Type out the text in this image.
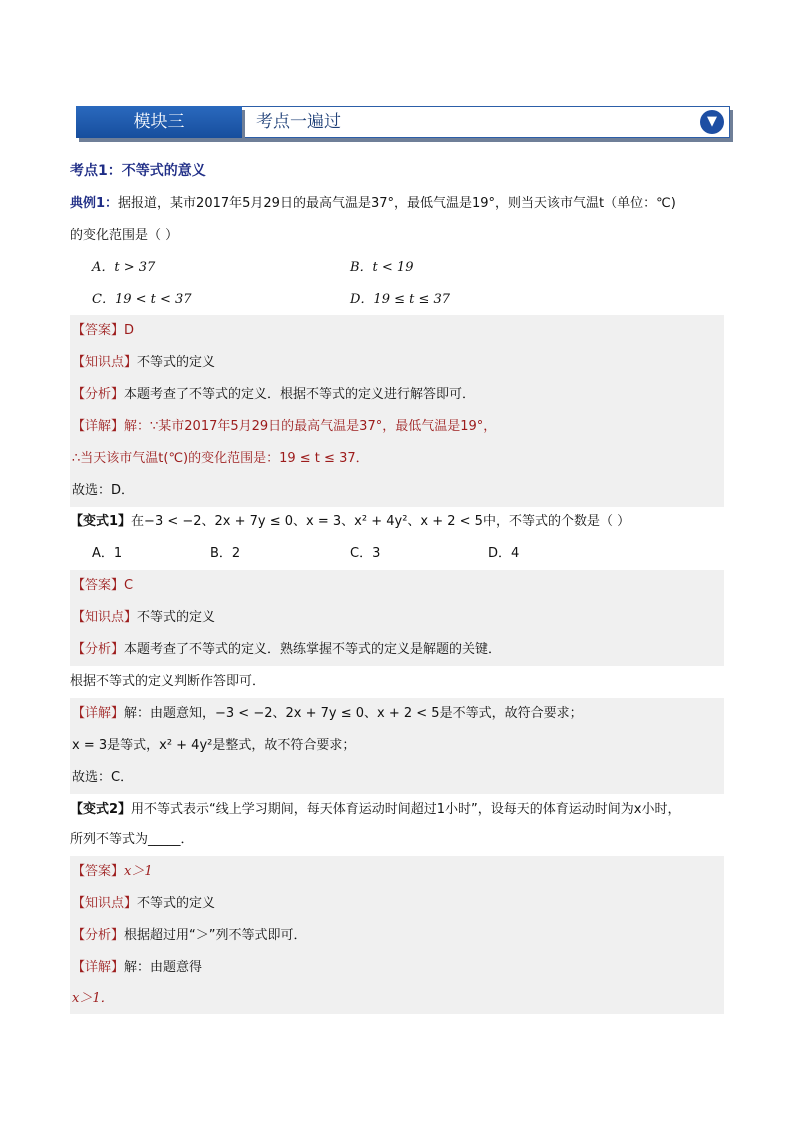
模块三	考点一遍过	▼
考点1：不等式的意义
典例1：据报道，某市2017年5月29日的最高气温是37°，最低气温是19°，则当天该市气温t（单位：℃)
的变化范围是（ ）
A．t > 37	B．t < 19
C．19 < t < 37	D．19 ≤ t ≤ 37
【答案】D
【知识点】不等式的定义
【分析】本题考查了不等式的定义．根据不等式的定义进行解答即可．
【详解】解：∵某市2017年5月29日的最高气温是37°，最低气温是19°，
∴当天该市气温t(℃)的变化范围是：19 ≤ t ≤ 37．
故选：D．
【变式1】在−3 < −2、2x + 7y ≤ 0、x = 3、x² + 4y²、x + 2 < 5中，不等式的个数是（ ）
A．1	B．2	C．3	D．4
【答案】C
【知识点】不等式的定义
【分析】本题考查了不等式的定义．熟练掌握不等式的定义是解题的关键．
根据不等式的定义判断作答即可．
【详解】解：由题意知，−3 < −2、2x + 7y ≤ 0、x + 2 < 5是不等式，故符合要求；
x = 3是等式，x² + 4y²是整式，故不符合要求；
故选：C．
【变式2】用不等式表示“线上学习期间，每天体育运动时间超过1小时”，设每天的体育运动时间为x小时，
所列不等式为_____．
【答案】x＞1
【知识点】不等式的定义
【分析】根据超过用“＞”列不等式即可．
【详解】解：由题意得
x＞1．
